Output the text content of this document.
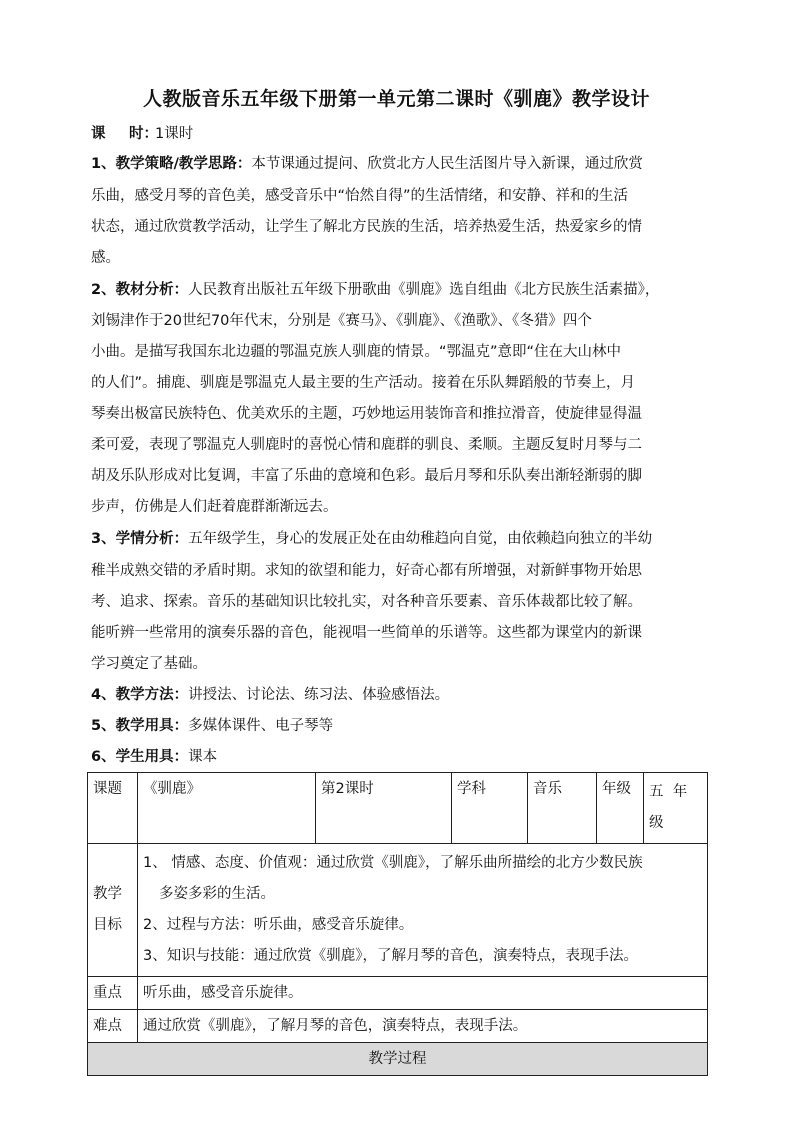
人教版音乐五年级下册第一单元第二课时《驯鹿》教学设计
课 时：1课时
1、教学策略/教学思路：本节课通过提问、欣赏北方人民生活图片导入新课，通过欣赏
乐曲，感受月琴的音色美，感受音乐中“怡然自得”的生活情绪，和安静、祥和的生活
状态，通过欣赏教学活动，让学生了解北方民族的生活，培养热爱生活，热爱家乡的情
感。
2、教材分析：人民教育出版社五年级下册歌曲《驯鹿》选自组曲《北方民族生活素描》，
刘锡津作于20世纪70年代末，分别是《赛马》、《驯鹿》、《渔歌》、《冬猎》四个
小曲。是描写我国东北边疆的鄂温克族人驯鹿的情景。“鄂温克”意即“住在大山林中
的人们”。捕鹿、驯鹿是鄂温克人最主要的生产活动。接着在乐队舞蹈般的节奏上，月
琴奏出极富民族特色、优美欢乐的主题，巧妙地运用装饰音和推拉滑音，使旋律显得温
柔可爱，表现了鄂温克人驯鹿时的喜悦心情和鹿群的驯良、柔顺。主题反复时月琴与二
胡及乐队形成对比复调，丰富了乐曲的意境和色彩。最后月琴和乐队奏出渐轻渐弱的脚
步声，仿佛是人们赶着鹿群渐渐远去。
3、学情分析：五年级学生，身心的发展正处在由幼稚趋向自觉，由依赖趋向独立的半幼
稚半成熟交错的矛盾时期。求知的欲望和能力，好奇心都有所增强，对新鲜事物开始思
考、追求、探索。音乐的基础知识比较扎实，对各种音乐要素、音乐体裁都比较了解。
能听辨一些常用的演奏乐器的音色，能视唱一些简单的乐谱等。这些都为课堂内的新课
学习奠定了基础。
4、教学方法：讲授法、讨论法、练习法、体验感悟法。
5、教学用具：多媒体课件、电子琴等
6、学生用具：课本
课题	《驯鹿》	第2课时	学科	音乐	年级	五  年
级
教学
目标	1、 情感、态度、价值观：通过欣赏《驯鹿》，了解乐曲所描绘的北方少数民族
多姿多彩的生活。
2、过程与方法：听乐曲，感受音乐旋律。
3、知识与技能：通过欣赏《驯鹿》，了解月琴的音色，演奏特点，表现手法。					

重点	听乐曲，感受音乐旋律。					
难点	通过欣赏《驯鹿》，了解月琴的音色，演奏特点，表现手法。					
教学过程						
